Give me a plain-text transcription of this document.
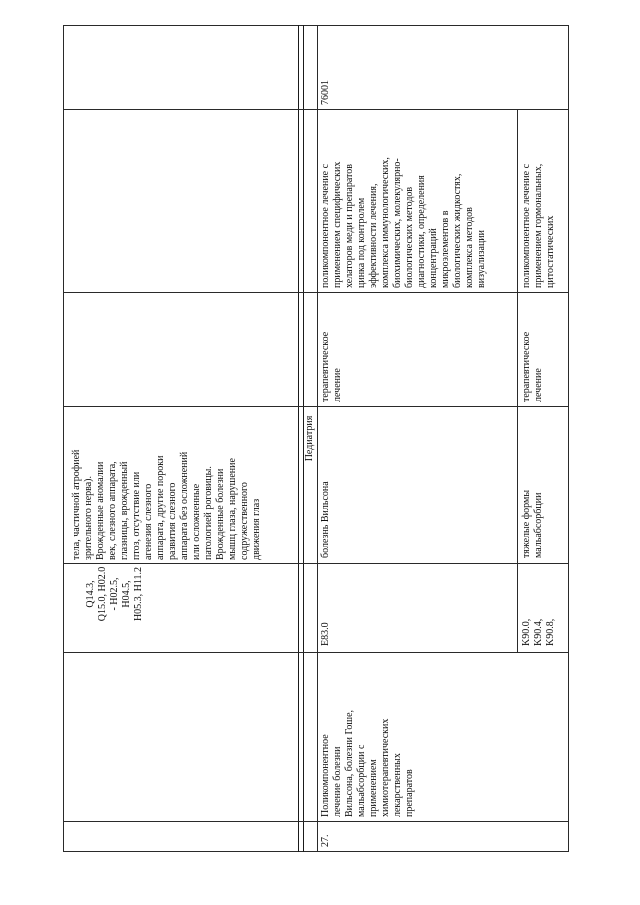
Q14.3,
Q15.0, H02.0
- H02.5,
H04.5,
H05.3, H11.2
тела, частичной атрофией
зрительного нерва).
Врожденные аномалии
век, слезного аппарата,
глазницы, врожденный
птоз, отсутствие или
агенезия слезного
аппарата, другие пороки
развития слезного
аппарата без осложнений
или осложненные
патологией роговицы.
Врожденные болезни
мышц глаза, нарушение
содружественного
движения глаз
Педиатрия
27.
Поликомпонентное
лечение болезни
Вильсона, болезни Гоше,
мальабсорбции с
применением
химиотерапевтических
лекарственных
препаратов
E83.0
болезнь Вильсона
терапевтическое
лечение
поликомпонентное лечение с
применением специфических
хелаторов меди и препаратов
цинка под контролем
эффективности лечения,
комплекса иммунологических,
биохимических, молекулярно-
биологических методов
диагностики, определения
концентраций
микроэлементов в
биологических жидкостях,
комплекса методов
визуализации
76001
K90.0,
K90.4,
K90.8,
тяжелые формы
мальабсорбции
терапевтическое
лечение
поликомпонентное лечение с
применением гормональных,
цитостатических
